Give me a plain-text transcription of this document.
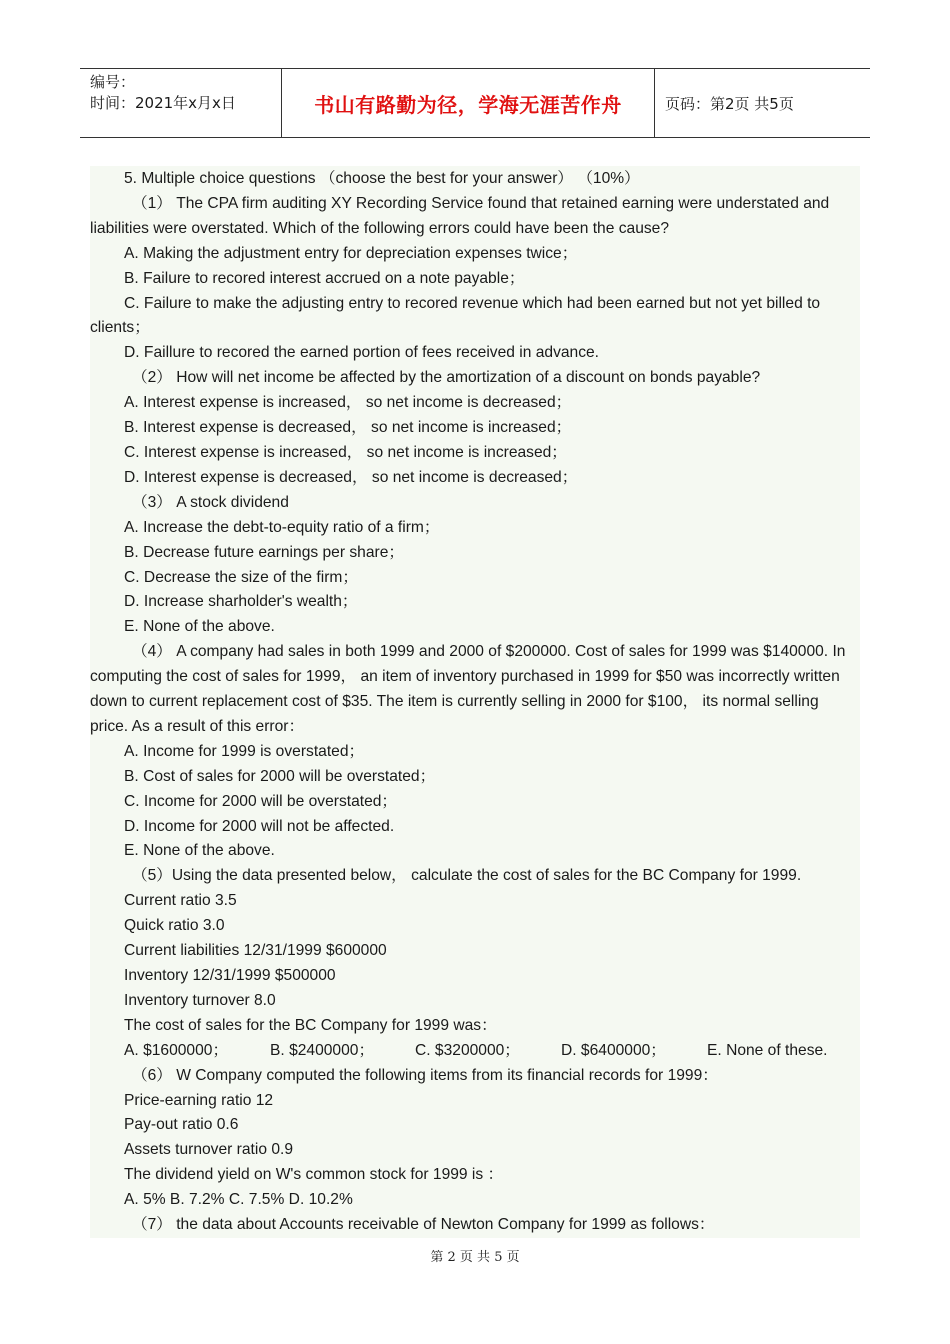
编号：
时间：2021年x月x日	书山有路勤为径，学海无涯苦作舟	页码：第2页 共5页

5. Multiple choice questions （choose the best for your answer） （10%）

（1） The CPA firm auditing XY Recording Service found that retained earning were understated and liabilities were overstated. Which of the following errors could have been the cause?

A. Making the adjustment entry for depreciation expenses twice；

B. Failure to recored interest accrued on a note payable；

C. Failure to make the adjusting entry to recored revenue which had been earned but not yet billed to clients；

D. Faillure to recored the earned portion of fees received in advance.

（2） How will net income be affected by the amortization of a discount on bonds payable?

A. Interest expense is increased， so net income is decreased；

B. Interest expense is decreased， so net income is increased；

C. Interest expense is increased， so net income is increased；

D. Interest expense is decreased， so net income is decreased；

（3） A stock dividend

A. Increase the debt-to-equity ratio of a firm；

B. Decrease future earnings per share；

C. Decrease the size of the firm；

D. Increase sharholder's wealth；

E. None of the above.

（4） A company had sales in both 1999 and 2000 of $200000. Cost of sales for 1999 was $140000. In computing the cost of sales for 1999， an item of inventory purchased in 1999 for $50 was incorrectly written down to current replacement cost of $35. The item is currently selling in 2000 for $100， its normal selling price. As a result of this error：

A. Income for 1999 is overstated；

B. Cost of sales for 2000 will be overstated；

C. Income for 2000 will be overstated；

D. Income for 2000 will not be affected.

E. None of the above.

（5）Using the data presented below， calculate the cost of sales for the BC Company for 1999.

Current ratio 3.5

Quick ratio 3.0

Current liabilities 12/31/1999 $600000

Inventory 12/31/1999 $500000

Inventory turnover 8.0

The cost of sales for the BC Company for 1999 was：

A. $1600000；	B. $2400000；	C. $3200000；	D. $6400000；	E. None of these.

（6） W Company computed the following items from its financial records for 1999：

Price-earning ratio 12

Pay-out ratio 0.6

Assets turnover ratio 0.9

The dividend yield on W's common stock for 1999 is ：

A. 5% B. 7.2% C. 7.5% D. 10.2%

（7） the data about Accounts receivable of Newton Company for 1999 as follows：

第 2 页 共 5 页
